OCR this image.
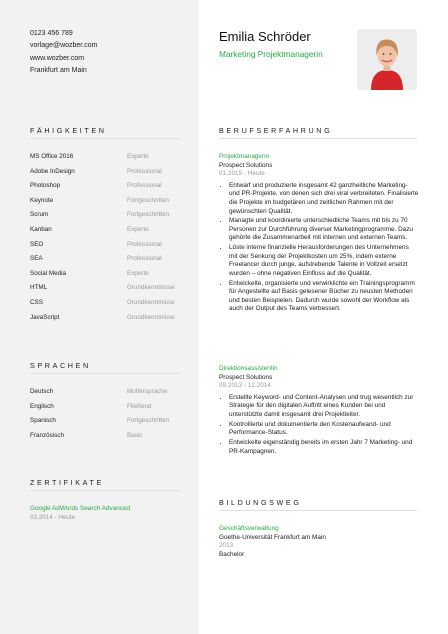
0123 456 789
vorlage@wozber.com
www.wozber.com
Frankfurt am Main
Emilia Schröder
Marketing Projektmanagerin
FÄHIGKEITEN
MS Office 2016	Experte
Adobe InDesign	Professional
Photoshop	Professional
Keynote	Fortgeschritten
Scrum	Fortgeschritten
Kanban	Experte
SEO	Professional
SEA	Professional
Social Media	Experte
HTML	Grundkenntnisse
CSS	Grundkenntnisse
JavaScript	Grundkenntnisse
SPRACHEN
Deutsch	Muttersprache
Englisch	Fließend
Spanisch	Fortgeschritten
Französisch	Basic
ZERTIFIKATE
Google AdWords Search Advanced
03.2014 - Heute
BERUFSERFAHRUNG
Projektmanagerin
Prospect Solutions
01.2015 - Heute
• Entwarf und produzierte insgesamt 42 ganzheitliche Marketing- und PR-Projekte, von denen sich drei viral verbreiteten. Finalisierte die Projekte im budgetären und zeitlichen Rahmen mit der gewünschten Qualität.
• Managte und koordinierte unterschiedliche Teams mit bis zu 70 Personen zur Durchführung diverser Marketingprogramme. Dazu gehörte die Zusammenarbeit mit internen und externen Teams.
• Löste interne finanzielle Herausforderungen des Unternehmens mit der Senkung der Projektkosten um 25%, indem externe Freelancer durch junge, aufstrebende Talente in Vollzeit ersetzt wurden – ohne negativen Einfluss auf die Qualität.
• Entwickelte, organisierte und verwirklichte ein Trainingsprogramm für Angestellte auf Basis gelesener Bücher zu neusten Methoden und besten Beispielen. Dadurch wurde sowohl der Workflow als auch der Output des Teams verbessert.
Direktionsassistentin
Prospect Solutions
09.2013 - 12.2014
• Erstellte Keyword- und Content-Analysen und trug wesentlich zur Strategie für den digitalen Auftritt eines Kunden bei und unterstützte damit insgesamt drei Projektleiter.
• Kontrollierte und dokumentierte den Kostenaufwand- und Performance-Status.
• Entwickelte eigenständig bereits im ersten Jahr 7 Marketing- und PR-Kampagnen.
BILDUNGSWEG
Geschäftsverwaltung
Goethe-Universität Frankfurt am Main
2013
Bachelor
